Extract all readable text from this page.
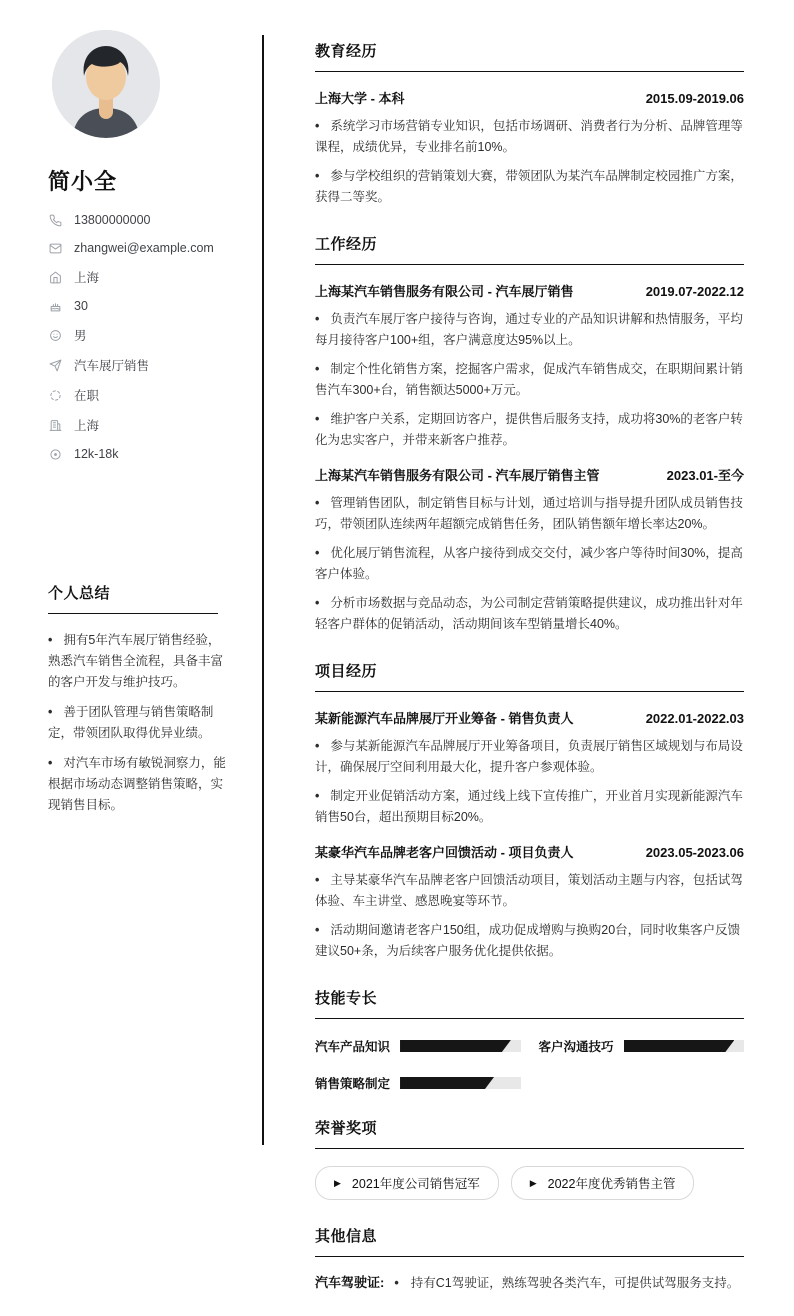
简小全
13800000000
zhangwei@example.com
上海
30
男
汽车展厅销售
在职
上海
12k-18k
个人总结

• 拥有5年汽车展厅销售经验，熟悉汽车销售全流程，具备丰富的客户开发与维护技巧。

• 善于团队管理与销售策略制定，带领团队取得优异业绩。

• 对汽车市场有敏锐洞察力，能根据市场动态调整销售策略，实现销售目标。

教育经历
上海大学 - 本科	2015.09-2019.06

• 系统学习市场营销专业知识，包括市场调研、消费者行为分析、品牌管理等课程，成绩优异，专业排名前10%。

• 参与学校组织的营销策划大赛，带领团队为某汽车品牌制定校园推广方案，获得二等奖。

工作经历
上海某汽车销售服务有限公司 - 汽车展厅销售	2019.07-2022.12

• 负责汽车展厅客户接待与咨询，通过专业的产品知识讲解和热情服务，平均每月接待客户100+组，客户满意度达95%以上。

• 制定个性化销售方案，挖掘客户需求，促成汽车销售成交，在职期间累计销售汽车300+台，销售额达5000+万元。

• 维护客户关系，定期回访客户，提供售后服务支持，成功将30%的老客户转化为忠实客户，并带来新客户推荐。

上海某汽车销售服务有限公司 - 汽车展厅销售主管	2023.01-至今

• 管理销售团队，制定销售目标与计划，通过培训与指导提升团队成员销售技巧，带领团队连续两年超额完成销售任务，团队销售额年增长率达20%。

• 优化展厅销售流程，从客户接待到成交交付，减少客户等待时间30%，提高客户体验。

• 分析市场数据与竞品动态，为公司制定营销策略提供建议，成功推出针对年轻客户群体的促销活动，活动期间该车型销量增长40%。

项目经历
某新能源汽车品牌展厅开业筹备 - 销售负责人	2022.01-2022.03

• 参与某新能源汽车品牌展厅开业筹备项目，负责展厅销售区域规划与布局设计，确保展厅空间利用最大化，提升客户参观体验。

• 制定开业促销活动方案，通过线上线下宣传推广，开业首月实现新能源汽车销售50台，超出预期目标20%。

某豪华汽车品牌老客户回馈活动 - 项目负责人	2023.05-2023.06

• 主导某豪华汽车品牌老客户回馈活动项目，策划活动主题与内容，包括试驾体验、车主讲堂、感恩晚宴等环节。

• 活动期间邀请老客户150组，成功促成增购与换购20台，同时收集客户反馈建议50+条，为后续客户服务优化提供依据。

技能专长
汽车产品知识	客户沟通技巧
销售策略制定
荣誉奖项
▶
2021年度公司销售冠军 ▶	2022年度优秀销售主管
其他信息

汽车驾驶证: • 持有C1驾驶证，熟练驾驶各类汽车，可提供试驾服务支持。
